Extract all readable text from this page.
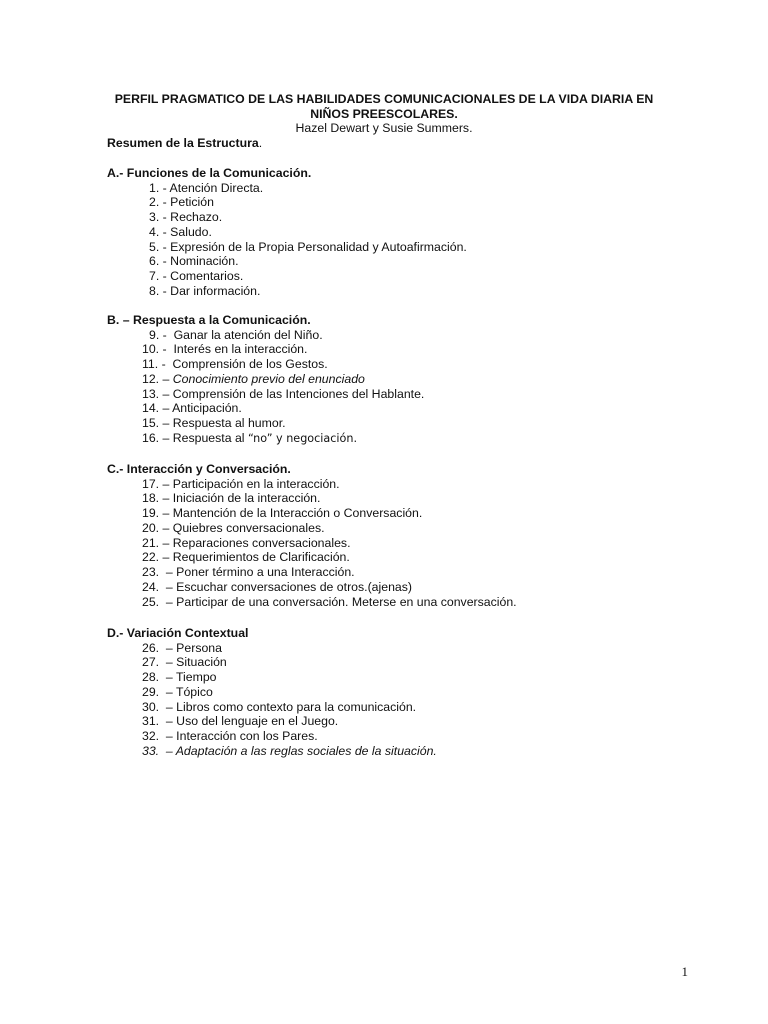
PERFIL PRAGMATICO DE LAS HABILIDADES COMUNICACIONALES DE LA VIDA DIARIA EN
NIÑOS PREESCOLARES.
Hazel Dewart y Susie Summers.
Resumen de la Estructura.
A.- Funciones de la Comunicación.
1. - Atención Directa.
2. - Petición
3. - Rechazo.
4. - Saludo.
5. - Expresión de la Propia Personalidad y Autoafirmación.
6. - Nominación.
7. - Comentarios.
8. - Dar información.
B. – Respuesta a la Comunicación.
9. -  Ganar la atención del Niño.
10. -  Interés en la interacción.
11. -  Comprensión de los Gestos.
12. – Conocimiento previo del enunciado
13. – Comprensión de las Intenciones del Hablante.
14. – Anticipación.
15. – Respuesta al humor.
16. – Respuesta al “no” y negociación.
C.- Interacción y Conversación.
17. – Participación en la interacción.
18. – Iniciación de la interacción.
19. – Mantención de la Interacción o Conversación.
20. – Quiebres conversacionales.
21. – Reparaciones conversacionales.
22. – Requerimientos de Clarificación.
23.  – Poner término a una Interacción.
24.  – Escuchar conversaciones de otros.(ajenas)
25.  – Participar de una conversación. Meterse en una conversación.
D.- Variación Contextual
26.  – Persona
27.  – Situación
28.  – Tiempo
29.  – Tópico
30.  – Libros como contexto para la comunicación.
31.  – Uso del lenguaje en el Juego.
32.  – Interacción con los Pares.
33.  – Adaptación a las reglas sociales de la situación.
1
